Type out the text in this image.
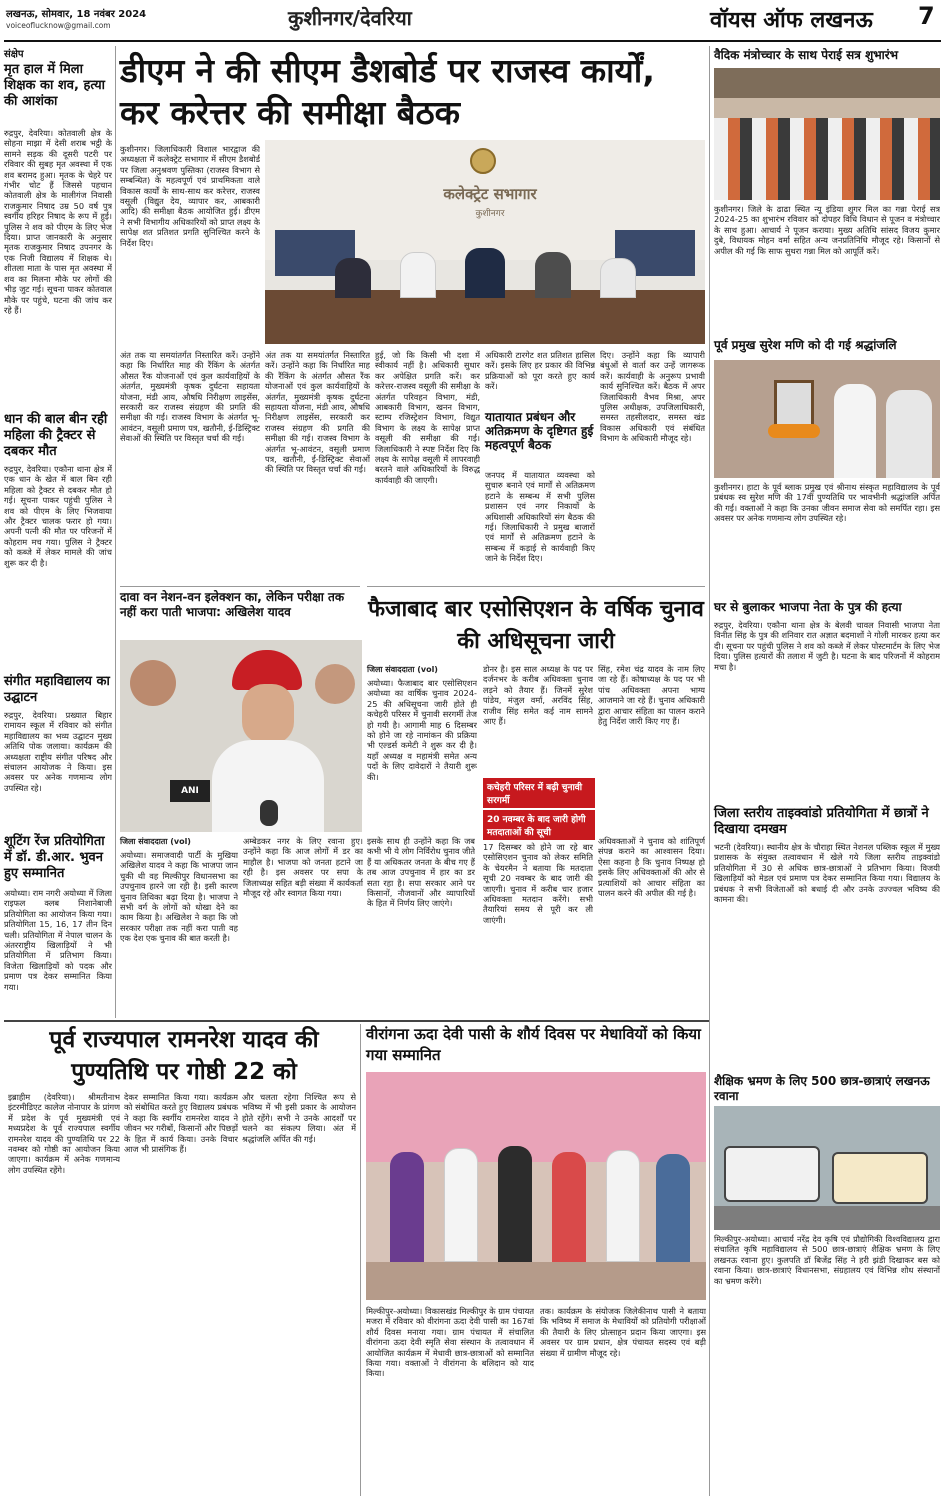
लखनऊ, सोमवार, 18 नवंबर 2024
voiceoflucknow@gmail.com	कुशीनगर/देवरिया	वॉयस ऑफ लखनऊ	7
संक्षेप
मृत हाल में मिला शिक्षक का शव, हत्या की आशंका
रुद्रपुर, देवरिया। कोतवाली क्षेत्र के सोहना माझा में देसी शराब भट्ठी के सामने सड़क की दूसरी पटरी पर रविवार की सुबह मृत अवस्था में एक शव बरामद हुआ। मृतक के चेहरे पर गंभीर चोट हैं जिससे पहचान कोतवाली क्षेत्र के मालीगंज निवासी राजकुमार निषाद उम्र 50 वर्ष पुत्र स्वर्गीय हरिहर निषाद के रूप में हुई। पुलिस ने शव को पीएम के लिए भेज दिया। प्राप्त जानकारी के अनुसार मृतक राजकुमार निषाद उपनगर के एक निजी विद्यालय में शिक्षक थे। शीतला माता के पास मृत अवस्था में शव का मिलना मौके पर लोगों की भीड़ जुट गई। सूचना पाकर कोतवाल मौके पर पहुंचे, घटना की जांच कर रहे हैं।
धान की बाल बीन रही महिला की ट्रैक्टर से दबकर मौत
रुद्रपुर, देवरिया। एकौना थाना क्षेत्र में एक धान के खेत में बाल बिन रही महिला को ट्रैक्टर से दबकर मौत हो गई। सूचना पाकर पहुंची पुलिस ने शव को पीएम के लिए भिजवाया और ट्रैक्टर चालक फरार हो गया। अपनी पत्नी की मौत पर परिजनों में कोहराम मच गया। पुलिस ने ट्रैक्टर को कब्जे में लेकर मामले की जांच शुरू कर दी है।
संगीत महाविद्यालय का उद्घाटन
रुद्रपुर, देवरिया। प्रख्यात बिहार रामायन स्कूल में रविवार को संगीत महाविद्यालय का भव्य उद्घाटन मुख्य अतिथि पोक जलाया। कार्यक्रम की अध्यक्षता राष्ट्रीय संगीत परिषद और संचालन आयोजक ने किया। इस अवसर पर अनेक गणमान्य लोग उपस्थित रहे।
शूटिंग रेंज प्रतियोगिता में डॉ. डी.आर. भुवन हुए सम्मानित
अयोध्या। राम नगरी अयोध्या में जिला राइफल क्लब निशानेबाजी प्रतियोगिता का आयोजन किया गया। प्रतियोगिता 15, 16, 17 तीन दिन चली। प्रतियोगिता में नेपाल चालन के अंतरराष्ट्रीय खिलाड़ियों ने भी प्रतियोगिता में प्रतिभाग किया। विजेता खिलाड़ियों को पदक और प्रमाण पत्र देकर सम्मानित किया गया।
डीएम ने की सीएम डैशबोर्ड पर राजस्व कार्यों, कर करेत्तर की समीक्षा बैठक
कुशीनगर। जिलाधिकारी विशाल भारद्वाज की अध्यक्षता में कलेक्ट्रेट सभागार में सीएम डैशबोर्ड पर जिला अनुश्रवण पुस्तिका (राजस्व विभाग से सम्बन्धित) के महत्वपूर्ण एवं प्राथमिकता वाले विकास कार्यों के साथ-साथ कर करेत्तर, राजस्व वसूली (विद्युत देय, व्यापार कर, आबकारी आदि) की समीक्षा बैठक आयोजित हुई। डीएम ने सभी विभागीय अधिकारियों को प्राप्त लक्ष्य के सापेक्ष शत प्रतिशत प्रगति सुनिश्चित करने के निर्देश दिए।
कलेक्ट्रेट सभागार
कुशीनगर
अंत तक या समयांतर्गत निस्तारित करें। उन्होंने कहा कि निर्धारित माह की रैंकिंग के अंतर्गत औसत रैंक योजनाओं एवं कुल कार्यवाहियों के अंतर्गत, मुख्यमंत्री कृषक दुर्घटना सहायता योजना, मंडी आय, औषधि निरीक्षण लाइसेंस, सरकारी कर राजस्व संग्रहण की प्रगति की समीक्षा की गई। राजस्व विभाग के अंतर्गत भू-आवंटन, वसूली प्रमाण पत्र, खतौनी, ई-डिस्ट्रिक्ट सेवाओं की स्थिति पर विस्तृत चर्चा की गई।
हुई, जो कि किसी भी दशा में स्वीकार्य नहीं है। अधिकारी सुधार कर अपेक्षित प्रगति करें। कर करेत्तर-राजस्व वसूली की समीक्षा के अंतर्गत परिवहन विभाग, मंडी, आबकारी विभाग, खनन विभाग, स्टाम्प रजिस्ट्रेशन विभाग, विद्युत विभाग के लक्ष्य के सापेक्ष प्राप्त वसूली की समीक्षा की गई। जिलाधिकारी ने स्पष्ट निर्देश दिए कि लक्ष्य के सापेक्ष वसूली में लापरवाही बरतने वाले अधिकारियों के विरुद्ध कार्यवाही की जाएगी।
अधिकारी टारगेट शत प्रतिशत हासिल करें। इसके लिए हर प्रकार की विभिन्न प्रक्रियाओं को पूरा करते हुए कार्य करें।
यातायात प्रबंधन और अतिक्रमण के दृष्टिगत हुई महत्वपूर्ण बैठक
जनपद में यातायात व्यवस्था को सुचारु बनाने एवं मार्गों से अतिक्रमण हटाने के सम्बन्ध में सभी पुलिस प्रशासन एवं नगर निकायों के अधिशासी अधिकारियों संग बैठक की गई। जिलाधिकारी ने प्रमुख बाजारों एवं मार्गों से अतिक्रमण हटाने के सम्बन्ध में कड़ाई से कार्यवाही किए जाने के निर्देश दिए।
दिए। उन्होंने कहा कि व्यापारी बंधुओं से वार्ता कर उन्हें जागरूक करें। कार्यवाही के अनुरूप प्रभावी कार्य सुनिश्चित करें। बैठक में अपर जिलाधिकारी वैभव मिश्रा, अपर पुलिस अधीक्षक, उपजिलाधिकारी, समस्त तहसीलदार, समस्त खंड विकास अधिकारी एवं संबंधित विभाग के अधिकारी मौजूद रहे।
अंत तक या समयांतर्गत निस्तारित करें। उन्होंने कहा कि निर्धारित माह की रैंकिंग के अंतर्गत औसत रैंक योजनाओं एवं कुल कार्यवाहियों के अंतर्गत, मुख्यमंत्री कृषक दुर्घटना सहायता योजना, मंडी आय, औषधि निरीक्षण लाइसेंस, सरकारी कर राजस्व संग्रहण की प्रगति की समीक्षा की गई। राजस्व विभाग के अंतर्गत भू-आवंटन, वसूली प्रमाण पत्र, खतौनी, ई-डिस्ट्रिक्ट सेवाओं की स्थिति पर विस्तृत चर्चा की गई।
दावा वन नेशन-वन इलेक्शन का, लेकिन परीक्षा तक नहीं करा पाती भाजपा: अखिलेश यादव
ANI
जिला संवाददाता (vol)
अयोध्या। समाजवादी पार्टी के मुखिया अखिलेश यादव ने कहा कि भाजपा जान चुकी थी वह मिल्कीपुर विधानसभा का उपचुनाव हारने जा रही है। इसी कारण चुनाव तिथिका बढ़ा दिया है। भाजपा ने सभी वर्ग के लोगों को धोखा देने का काम किया है। अखिलेश ने कहा कि जो सरकार परीक्षा तक नहीं करा पाती वह एक देश एक चुनाव की बात करती है।
अम्बेडकर नगर के लिए रवाना हुए। उन्होंने कहा कि आज लोगों में डर का माहौल है। भाजपा को जनता हटाने जा रही है। इस अवसर पर सपा के जिलाध्यक्ष सहित बड़ी संख्या में कार्यकर्ता मौजूद रहे और स्वागत किया गया।
इसके साथ ही उन्होंने कहा कि जब कभी भी ये लोग निर्विरोध चुनाव जीते हैं या अधिकतर जनता के बीच गए हैं तब आज उपचुनाव में हार का डर सता रहा है। सपा सरकार आने पर किसानों, नौजवानों और व्यापारियों के हित में निर्णय लिए जाएंगे।
फैजाबाद बार एसोसिएशन के वर्षिक चुनाव की अधिसूचना जारी
जिला संवाददाता (vol)
अयोध्या। फैजाबाद बार एसोसिएशन अयोध्या का वार्षिक चुनाव 2024-25 की अधिसूचना जारी होते ही कचेहरी परिसर में चुनावी सरगर्मी तेज हो गयी है। आगामी माह 6 दिसम्बर को होने जा रहे नामांकन की प्रक्रिया भी एल्डर्स कमेटी ने शुरू कर दी है। यहाँ अध्यक्ष व महामंत्री समेत अन्य पदों के लिए दावेदारों ने तैयारी शुरू की।
डोनर है। इस साल अध्यक्ष के पद पर दर्जनभर के करीब अधिवक्ता चुनाव लड़ने को तैयार हैं। जिनमें सुरेश पांडेय, मंजुल वर्मा, अरविंद सिंह, राजीव सिंह समेत कई नाम सामने आए हैं।
कचेहरी परिसर में बढ़ी चुनावी सरगर्मी
20 नवम्बर के बाद जारी होगी मतदाताओं की सूची
17 दिसम्बर को होने जा रहे बार एसोसिएशन चुनाव को लेकर समिति के चेयरमैन ने बताया कि मतदाता सूची 20 नवम्बर के बाद जारी की जाएगी। चुनाव में करीब चार हजार अधिवक्ता मतदान करेंगे। सभी तैयारियां समय से पूरी कर ली जाएंगी।
सिंह, रमेश चंद्र यादव के नाम लिए जा रहे हैं। कोषाध्यक्ष के पद पर भी पांच अधिवक्ता अपना भाग्य आजमाने जा रहे हैं। चुनाव अधिकारी द्वारा आचार संहिता का पालन कराने हेतु निर्देश जारी किए गए हैं।
अधिवक्ताओं ने चुनाव को शांतिपूर्ण संपन्न कराने का आश्वासन दिया। ऐसा कहना है कि चुनाव निष्पक्ष हो इसके लिए अधिवक्ताओं की ओर से प्रत्याशियों को आचार संहिता का पालन करने की अपील की गई है।
पूर्व राज्यपाल रामनरेश यादव की पुण्यतिथि पर गोष्ठी 22 को
इब्राहीम (देवरिया)। श्रीमतीनाभ इंटरमीडिएट कालेज नोनापार के प्रांगण में प्रदेश के पूर्व मुख्यमंत्री एवं मध्यप्रदेश के पूर्व राज्यपाल स्वर्गीय रामनरेश यादव की पुण्यतिथि पर 22 नवम्बर को गोष्ठी का आयोजन किया जाएगा। कार्यक्रम में अनेक गणमान्य लोग उपस्थित रहेंगे।
देकर सम्मानित किया गया। कार्यक्रम को संबोधित करते हुए विद्यालय प्रबंधक ने कहा कि स्वर्गीय रामनरेश यादव ने जीवन भर गरीबों, किसानों और पिछड़ों के हित में कार्य किया। उनके विचार आज भी प्रासंगिक हैं।
और चलता रहेगा निश्चित रूप से भविष्य में भी इसी प्रकार के आयोजन होते रहेंगे। सभी ने उनके आदर्शों पर चलने का संकल्प लिया। अंत में श्रद्धांजलि अर्पित की गई।
वीरांगना ऊदा देवी पासी के शौर्य दिवस पर मेधावियों को किया गया सम्मानित
मिल्कीपुर-अयोध्या। विकासखंड मिल्कीपुर के ग्राम पंचायत मजरा में रविवार को वीरांगना ऊदा देवी पासी का 167वां शौर्य दिवस मनाया गया। ग्राम पंचायत में संचालित वीरांगना ऊदा देवी स्मृति सेवा संस्थान के तत्वावधान में आयोजित कार्यक्रम में मेधावी छात्र-छात्राओं को सम्मानित किया गया। वक्ताओं ने वीरांगना के बलिदान को याद किया।
तक। कार्यक्रम के संयोजक जिलेकीनाथ पासी ने बताया कि भविष्य में समाज के मेधावियों को प्रतियोगी परीक्षाओं की तैयारी के लिए प्रोत्साहन प्रदान किया जाएगा। इस अवसर पर ग्राम प्रधान, क्षेत्र पंचायत सदस्य एवं बड़ी संख्या में ग्रामीण मौजूद रहे।
वैदिक मंत्रोच्चार के साथ पेराई सत्र शुभारंभ
कुशीनगर। जिले के ढाढा स्थित न्यू इंडिया शुगर मिल का गन्ना पेराई सत्र 2024-25 का शुभारंभ रविवार को दोपहर विधि विधान से पूजन व मंत्रोच्चार के साथ हुआ। आचार्य ने पूजन कराया। मुख्य अतिथि सांसद विजय कुमार दुबे, विधायक मोहन वर्मा सहित अन्य जनप्रतिनिधि मौजूद रहे। किसानों से अपील की गई कि साफ सुथरा गन्ना मिल को आपूर्ति करें।
पूर्व प्रमुख सुरेश मणि को दी गई श्रद्धांजलि
कुशीनगर। हाटा के पूर्व ब्लाक प्रमुख एवं श्रीनाथ संस्कृत महाविद्यालय के पूर्व प्रबंधक स्व सुरेश मणि की 17वीं पुण्यतिथि पर भावभीनी श्रद्धांजलि अर्पित की गई। वक्ताओं ने कहा कि उनका जीवन समाज सेवा को समर्पित रहा। इस अवसर पर अनेक गणमान्य लोग उपस्थित रहे।
घर से बुलाकर भाजपा नेता के पुत्र की हत्या
रुद्रपुर, देवरिया। एकौना थाना क्षेत्र के बेलवी चावल निवासी भाजपा नेता विनीत सिंह के पुत्र की शनिवार रात अज्ञात बदमाशों ने गोली मारकर हत्या कर दी। सूचना पर पहुंची पुलिस ने शव को कब्जे में लेकर पोस्टमार्टम के लिए भेज दिया। पुलिस हत्यारों की तलाश में जुटी है। घटना के बाद परिजनों में कोहराम मचा है।
जिला स्तरीय ताइक्वांडो प्रतियोगिता में छात्रों ने दिखाया दमखम
भटनी (देवरिया)। स्थानीय क्षेत्र के चौराहा स्थित नेशनल पब्लिक स्कूल में मुख्य प्रशासक के संयुक्त तत्वावधान में खेले गये जिला स्तरीय ताइक्वांडो प्रतियोगिता में 30 से अधिक छात्र-छात्राओं ने प्रतिभाग किया। विजयी खिलाड़ियों को मेडल एवं प्रमाण पत्र देकर सम्मानित किया गया। विद्यालय के प्रबंधक ने सभी विजेताओं को बधाई दी और उनके उज्ज्वल भविष्य की कामना की।
शैक्षिक भ्रमण के लिए 500 छात्र-छात्राएं लखनऊ रवाना
मिल्कीपुर-अयोध्या। आचार्य नरेंद्र देव कृषि एवं प्रौद्योगिकी विश्वविद्यालय द्वारा संचालित कृषि महाविद्यालय से 500 छात्र-छात्राएं शैक्षिक भ्रमण के लिए लखनऊ रवाना हुए। कुलपति डॉ बिजेंद्र सिंह ने हरी झंडी दिखाकर बस को रवाना किया। छात्र-छात्राएं विधानसभा, संग्रहालय एवं विभिन्न शोध संस्थानों का भ्रमण करेंगे।
